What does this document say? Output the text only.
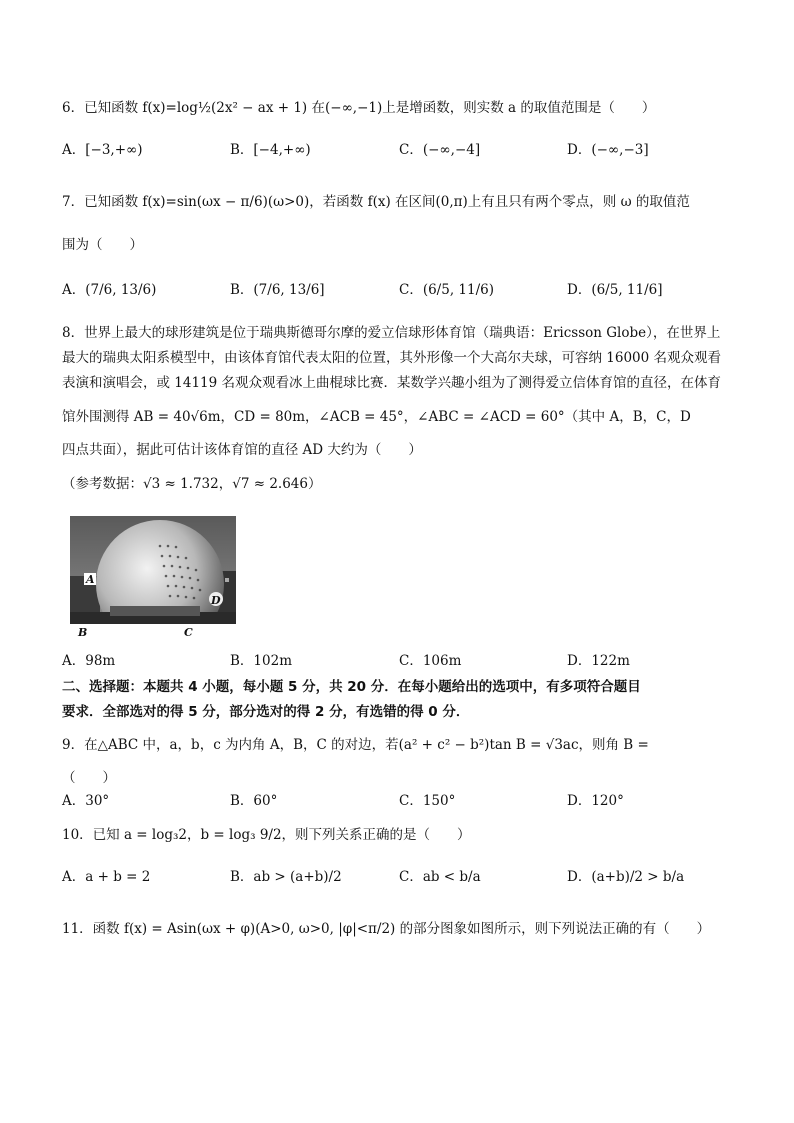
6．已知函数 f(x)=log½(2x² − ax + 1) 在(−∞,−1)上是增函数，则实数 a 的取值范围是（　　）
A．[−3,+∞)	B．[−4,+∞)	C．(−∞,−4]	D．(−∞,−3]
7．已知函数 f(x)=sin(ωx − π/6)(ω>0)，若函数 f(x) 在区间(0,π)上有且只有两个零点，则 ω 的取值范
围为（　　）
A．(7/6, 13/6)	B．(7/6, 13/6]	C．(6/5, 11/6)	D．(6/5, 11/6]
8．世界上最大的球形建筑是位于瑞典斯德哥尔摩的爱立信球形体育馆（瑞典语：Ericsson Globe），在世界上
最大的瑞典太阳系模型中，由该体育馆代表太阳的位置，其外形像一个大高尔夫球，可容纳 16000 名观众观看
表演和演唱会，或 14119 名观众观看冰上曲棍球比赛．某数学兴趣小组为了测得爱立信体育馆的直径，在体育
馆外围测得 AB = 40√6m，CD = 80m，∠ACB = 45°，∠ABC = ∠ACD = 60°（其中 A，B，C，D
四点共面），据此可估计该体育馆的直径 AD 大约为（　　）
（参考数据：√3 ≈ 1.732，√7 ≈ 2.646）
A
D
B	C
A．98m	B．102m	C．106m	D．122m
二、选择题：本题共 4 小题，每小题 5 分，共 20 分．在每小题给出的选项中，有多项符合题目
要求．全部选对的得 5 分，部分选对的得 2 分，有选错的得 0 分．
9．在△ABC 中，a，b，c 为内角 A，B，C 的对边，若(a² + c² − b²)tan B = √3ac，则角 B =
（　　）
A．30°	B．60°	C．150°	D．120°
10．已知 a = log₃2，b = log₃ 9/2，则下列关系正确的是（　　）
A．a + b = 2	B．ab > (a+b)/2	C．ab < b/a	D．(a+b)/2 > b/a
11．函数 f(x) = Asin(ωx + φ)(A>0, ω>0, |φ|<π/2) 的部分图象如图所示，则下列说法正确的有（　　）
